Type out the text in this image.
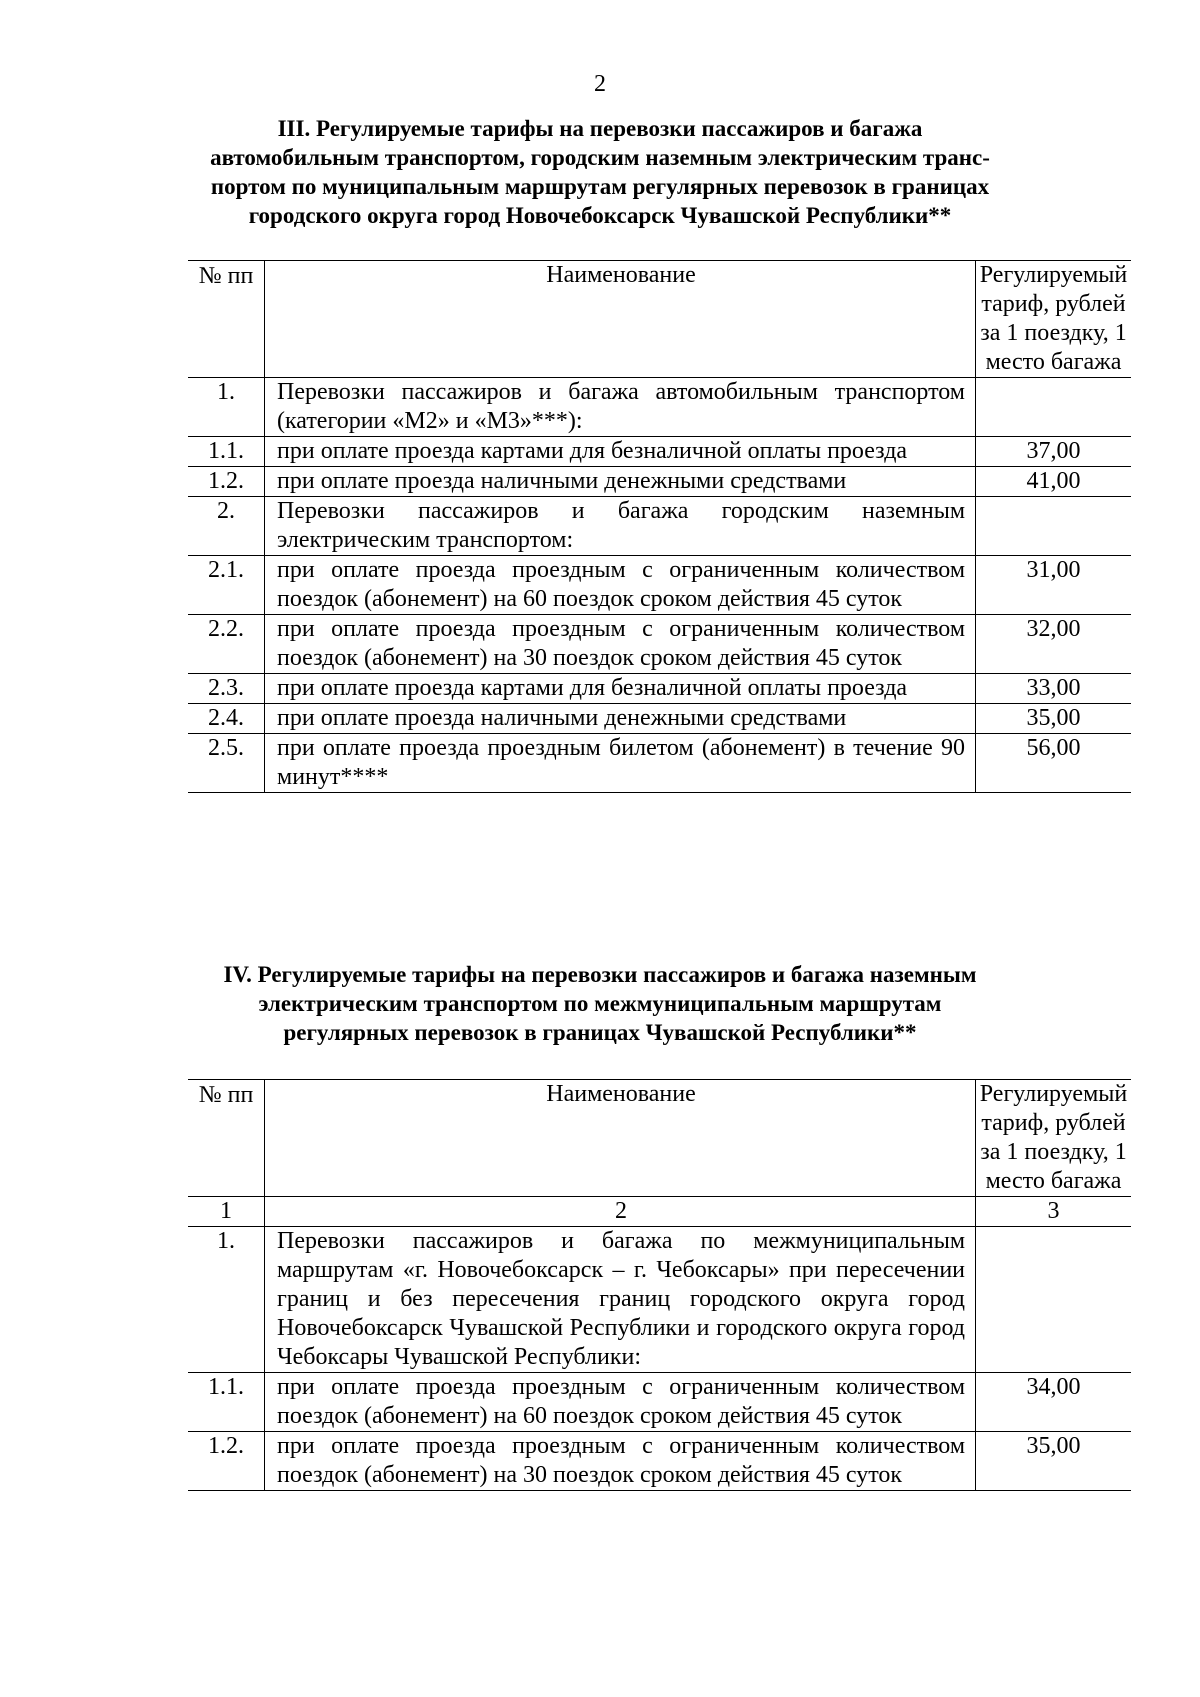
2
III. Регулируемые тарифы на перевозки пассажиров и багажа
автомобильным транспортом, городским наземным электрическим транс-
портом по муниципальным маршрутам регулярных перевозок в границах
городского округа город Новочебоксарск Чувашской Республики**
№ пп	Наименование	Регулируемый тариф, рублей за 1 поездку, 1 место багажа
1.	Перевозки пассажиров и багажа автомобильным транспортом (категории «М2» и «М3»***):	
1.1.	при оплате проезда картами для безналичной оплаты проезда	37,00
1.2.	при оплате проезда наличными денежными средствами	41,00
2.	Перевозки пассажиров и багажа городским наземным электрическим транспортом:	
2.1.	при оплате проезда проездным с ограниченным количеством поездок (абонемент) на 60 поездок сроком действия 45 суток	31,00
2.2.	при оплате проезда проездным с ограниченным количеством поездок (абонемент) на 30 поездок сроком действия 45 суток	32,00
2.3.	при оплате проезда картами для безналичной оплаты проезда	33,00
2.4.	при оплате проезда наличными денежными средствами	35,00
2.5.	при оплате проезда проездным билетом (абонемент) в течение 90 минут****	56,00
IV. Регулируемые тарифы на перевозки пассажиров и багажа наземным
электрическим транспортом по межмуниципальным маршрутам
регулярных перевозок в границах Чувашской Республики**
№ пп	Наименование	Регулируемый тариф, рублей за 1 поездку, 1 место багажа
1	2	3
1.	Перевозки пассажиров и багажа по межмуниципальным маршрутам «г. Новочебоксарск – г. Чебоксары» при пересечении границ и без пересечения границ городского округа город Новочебоксарск Чувашской Республики и городского округа город Чебоксары Чувашской Республики:	
1.1.	при оплате проезда проездным с ограниченным количеством поездок (абонемент) на 60 поездок сроком действия 45 суток	34,00
1.2.	при оплате проезда проездным с ограниченным количеством поездок (абонемент) на 30 поездок сроком действия 45 суток	35,00
